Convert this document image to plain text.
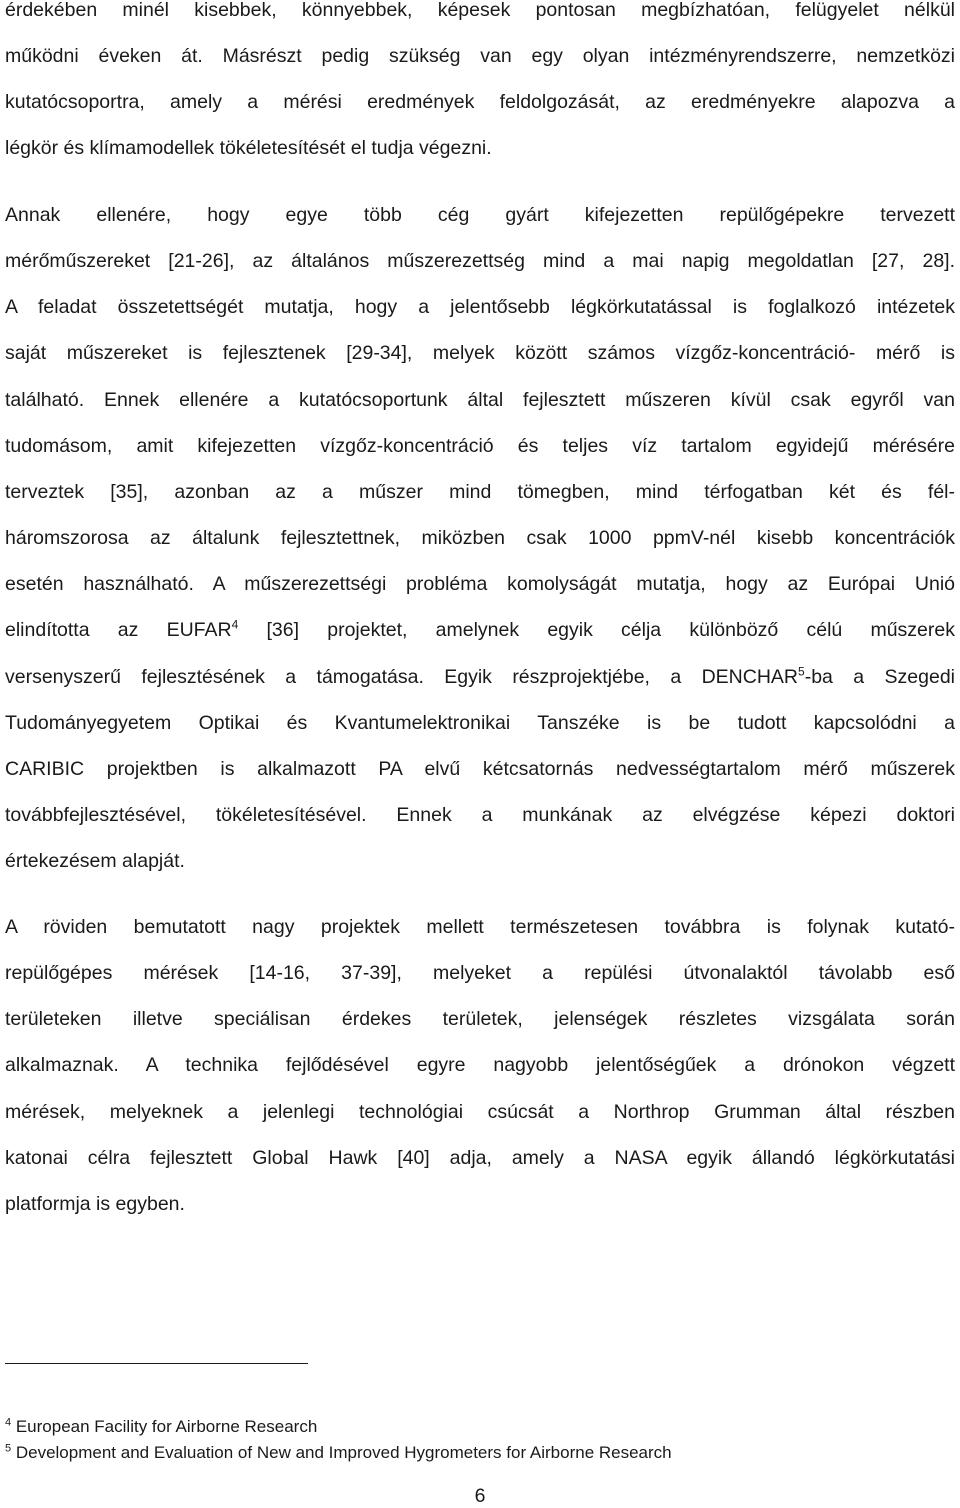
érdekében minél kisebbek, könnyebbek, képesek pontosan megbízhatóan, felügyelet nélkül
működni éveken át. Másrészt pedig szükség van egy olyan intézményrendszerre, nemzetközi
kutatócsoportra, amely a mérési eredmények feldolgozását, az eredményekre alapozva a
légkör és klímamodellek tökéletesítését el tudja végezni.
Annak ellenére, hogy egye több cég gyárt kifejezetten repülőgépekre tervezett
mérőműszereket [21-26], az általános műszerezettség mind a mai napig megoldatlan [27, 28].
A feladat összetettségét mutatja, hogy a jelentősebb légkörkutatással is foglalkozó intézetek
saját műszereket is fejlesztenek [29-34], melyek között számos vízgőz-koncentráció- mérő is
található. Ennek ellenére a kutatócsoportunk által fejlesztett műszeren kívül csak egyről van
tudomásom, amit kifejezetten vízgőz-koncentráció és teljes víz tartalom egyidejű mérésére
terveztek [35], azonban az a műszer mind tömegben, mind térfogatban két és fél-
háromszorosa az általunk fejlesztettnek, miközben csak 1000 ppmV-nél kisebb koncentrációk
esetén használható. A műszerezettségi probléma komolyságát mutatja, hogy az Európai Unió
elindította az EUFAR$^4$ [36] projektet, amelynek egyik célja különböző célú műszerek
versenyszerű fejlesztésének a támogatása. Egyik részprojektjébe, a DENCHAR$^5$-ba a Szegedi
Tudományegyetem Optikai és Kvantumelektronikai Tanszéke is be tudott kapcsolódni a
CARIBIC projektben is alkalmazott PA elvű kétcsatornás nedvességtartalom mérő műszerek
továbbfejlesztésével, tökéletesítésével. Ennek a munkának az elvégzése képezi doktori
értekezésem alapját.
A röviden bemutatott nagy projektek mellett természetesen továbbra is folynak kutató-
repülőgépes mérések [14-16, 37-39], melyeket a repülési útvonalaktól távolabb eső
területeken illetve speciálisan érdekes területek, jelenségek részletes vizsgálata során
alkalmaznak. A technika fejlődésével egyre nagyobb jelentőségűek a drónokon végzett
mérések, melyeknek a jelenlegi technológiai csúcsát a Northrop Grumman által részben
katonai célra fejlesztett Global Hawk [40] adja, amely a NASA egyik állandó légkörkutatási
platformja is egyben.
$^4$ European Facility for Airborne Research
$^5$ Development and Evaluation of New and Improved Hygrometers for Airborne Research
6
